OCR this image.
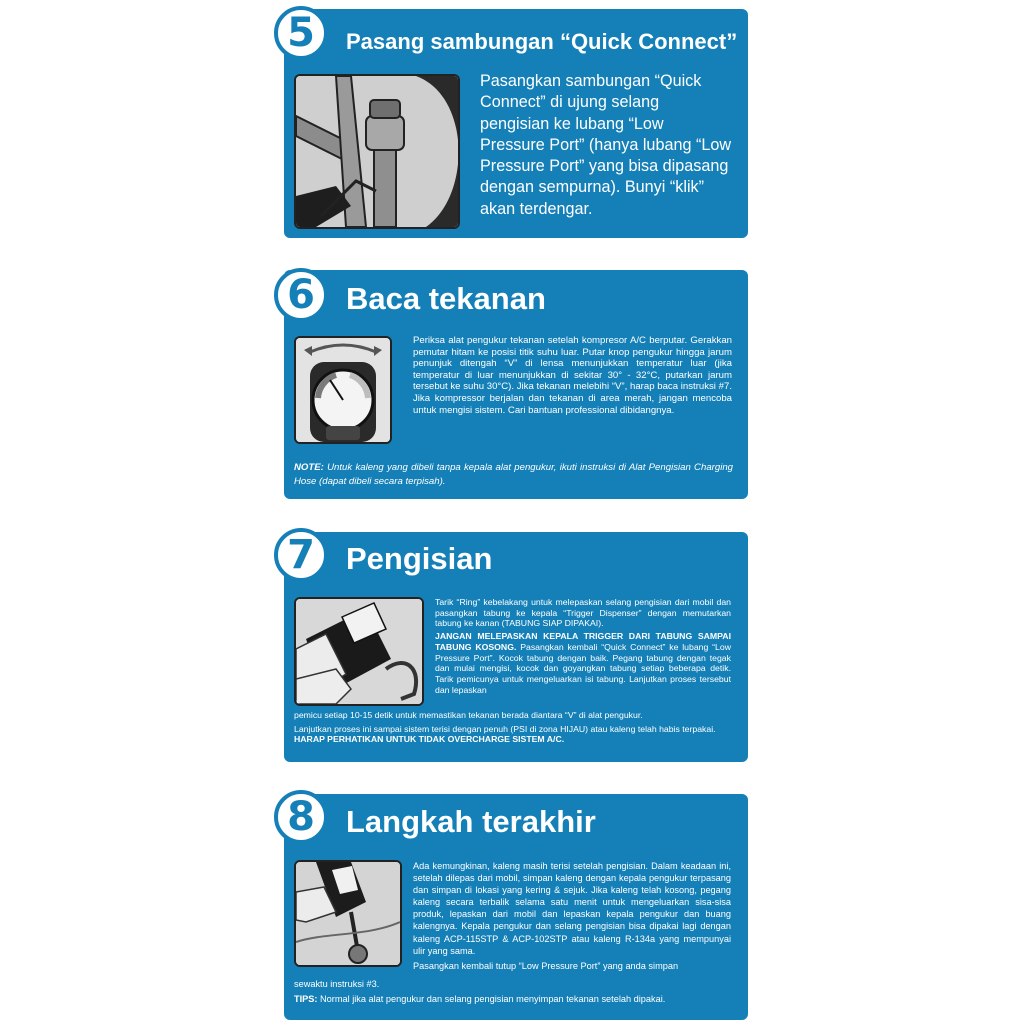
5 Pasang sambungan “Quick Connect”

Pasangkan sambungan “Quick Connect” di ujung selang pengisian ke lubang “Low Pressure Port” (hanya lubang “Low Pressure Port” yang bisa dipasang dengan sempurna). Bunyi “klik” akan terdengar.

6 Baca tekanan

Periksa alat pengukur tekanan setelah kompresor A/C berputar. Gerakkan pemutar hitam ke posisi titik suhu luar. Putar knop pengukur hingga jarum penunjuk ditengah “V” di lensa menunjukkan temperatur luar (jika temperatur di luar menunjukkan di sekitar 30° - 32°C, putarkan jarum tersebut ke suhu 30°C). Jika tekanan melebihi “V”, harap baca instruksi #7. Jika kompressor berjalan dan tekanan di area merah, jangan mencoba untuk mengisi sistem. Cari bantuan professional dibidangnya.

NOTE: Untuk kaleng yang dibeli tanpa kepala alat pengukur, ikuti instruksi di Alat Pengisian Charging Hose (dapat dibeli secara terpisah).
7 Pengisian

Tarik “Ring” kebelakang untuk melepaskan selang pengisian dari mobil dan pasangkan tabung ke kepala “Trigger Dispenser” dengan memutarkan tabung ke kanan (TABUNG SIAP DIPAKAI).

JANGAN MELEPASKAN KEPALA TRIGGER DARI TABUNG SAMPAI TABUNG KOSONG. Pasangkan kembali “Quick Connect” ke lubang “Low Pressure Port”. Kocok tabung dengan baik. Pegang tabung dengan tegak dan mulai mengisi, kocok dan goyangkan tabung setiap beberapa detik. Tarik pemicunya untuk mengeluarkan isi tabung. Lanjutkan proses tersebut dan lepaskan

pemicu setiap 10-15 detik untuk memastikan tekanan berada diantara “V” di alat pengukur.

Lanjutkan proses ini sampai sistem terisi dengan penuh (PSI di zona HIJAU) atau kaleng telah habis terpakai. HARAP PERHATIKAN UNTUK TIDAK OVERCHARGE SISTEM A/C.

8 Langkah terakhir

Ada kemungkinan, kaleng masih terisi setelah pengisian. Dalam keadaan ini, setelah dilepas dari mobil, simpan kaleng dengan kepala pengukur terpasang dan simpan di lokasi yang kering & sejuk. Jika kaleng telah kosong, pegang kaleng secara terbalik selama satu menit untuk mengeluarkan sisa-sisa produk, lepaskan dari mobil dan lepaskan kepala pengukur dan buang kalengnya. Kepala pengukur dan selang pengisian bisa dipakai lagi dengan kaleng ACP-115STP & ACP-102STP atau kaleng R-134a yang mempunyai ulir yang sama.

Pasangkan kembali tutup “Low Pressure Port” yang anda simpan

sewaktu instruksi #3.

TIPS: Normal jika alat pengukur dan selang pengisian menyimpan tekanan setelah dipakai.
